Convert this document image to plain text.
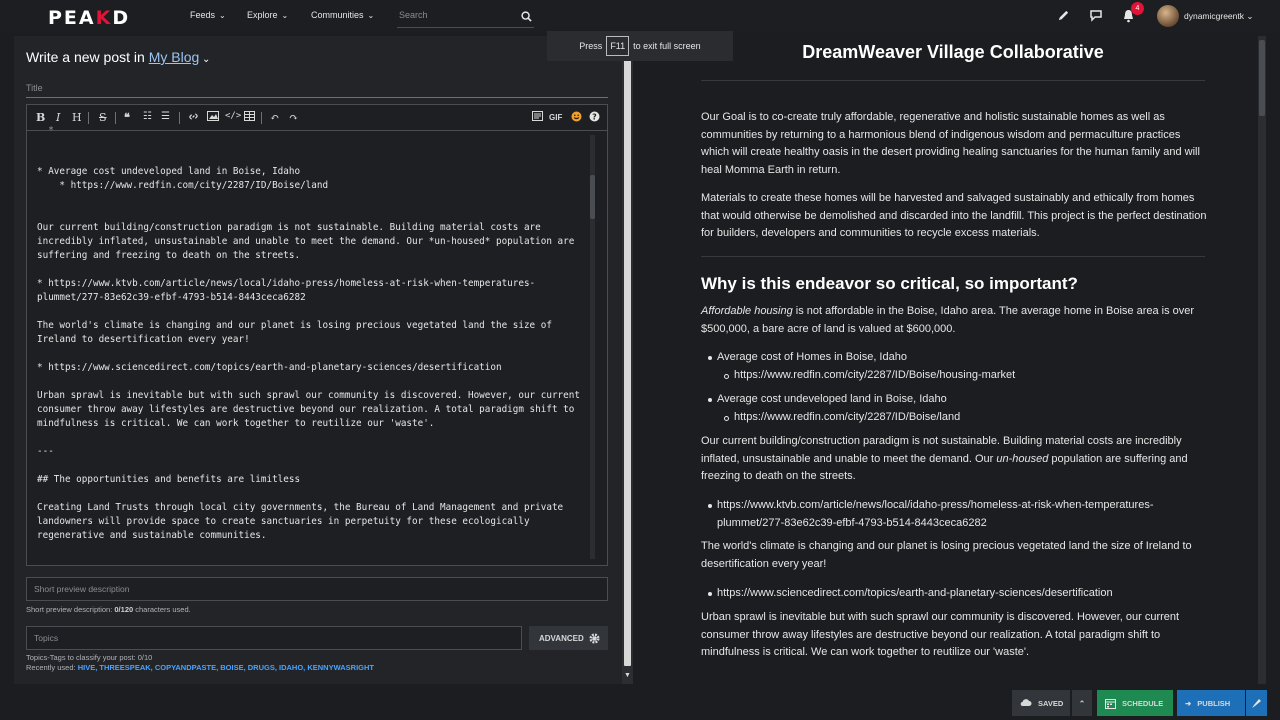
PEAKD	Feeds ⌄ Explore ⌄	Communities ⌄
Search
4
dynamicgreentk ⌄
Write a new post in My Blog ⌄
Title
B I H S ❝ ☷ ☰	</>	↶ ↷	GIF	?
*
* Average cost undeveloped land in Boise, Idaho
* https://www.redfin.com/city/2287/ID/Boise/land

Our current building/construction paradigm is not sustainable. Building material costs are
incredibly inflated, unsustainable and unable to meet the demand. Our *un-housed* population are
suffering and freezing to death on the streets.

* https://www.ktvb.com/article/news/local/idaho-press/homeless-at-risk-when-temperatures-
plummet/277-83e62c39-efbf-4793-b514-8443ceca6282

The world's climate is changing and our planet is losing precious vegetated land the size of
Ireland to desertification every year!

* https://www.sciencedirect.com/topics/earth-and-planetary-sciences/desertification

Urban sprawl is inevitable but with such sprawl our community is discovered. However, our current
consumer throw away lifestyles are destructive beyond our realization. A total paradigm shift to
mindfulness is critical. We can work together to reutilize our 'waste'.

---

## The opportunities and benefits are limitless

Creating Land Trusts through local city governments, the Bureau of Land Management and private
landowners will provide space to create sanctuaries in perpetuity for these ecologically
regenerative and sustainable communities.
Short preview description
Short preview description: 0/120 characters used.
Topics
ADVANCED
Topics-Tags to classify your post: 0/10
Recently used: HIVE, THREESPEAK, COPYANDPASTE, BOISE, DRUGS, IDAHO, KENNYWASRIGHT
▼
Press F11 to exit full screen	DreamWeaver Village Collaborative

Our Goal is to co-create truly affordable, regenerative and holistic sustainable homes as well as communities by returning to a harmonious blend of indigenous wisdom and permaculture practices which will create healthy oasis in the desert providing healing sanctuaries for the human family and will heal Momma Earth in return.

Materials to create these homes will be harvested and salvaged sustainably and ethically from homes that would otherwise be demolished and discarded into the landfill. This project is the perfect destination for builders, developers and communities to recycle excess materials.

Why is this endeavor so critical, so important?

Affordable housing is not affordable in the Boise, Idaho area. The average home in Boise area is over $500,000, a bare acre of land is valued at $600,000.

Average cost of Homes in Boise, Idaho
https://www.redfin.com/city/2287/ID/Boise/housing-market
Average cost undeveloped land in Boise, Idaho
https://www.redfin.com/city/2287/ID/Boise/land

Our current building/construction paradigm is not sustainable. Building material costs are incredibly inflated, unsustainable and unable to meet the demand. Our un-housed population are suffering and freezing to death on the streets.

https://www.ktvb.com/article/news/local/idaho-press/homeless-at-risk-when-temperatures-plummet/277-83e62c39-efbf-4793-b514-8443ceca6282

The world's climate is changing and our planet is losing precious vegetated land the size of Ireland to desertification every year!

https://www.sciencedirect.com/topics/earth-and-planetary-sciences/desertification

Urban sprawl is inevitable but with such sprawl our community is discovered. However, our current consumer throw away lifestyles are destructive beyond our realization. A total paradigm shift to mindfulness is critical. We can work together to reutilize our 'waste'.

SAVED ⌃	SCHEDULE	➜ PUBLISH
